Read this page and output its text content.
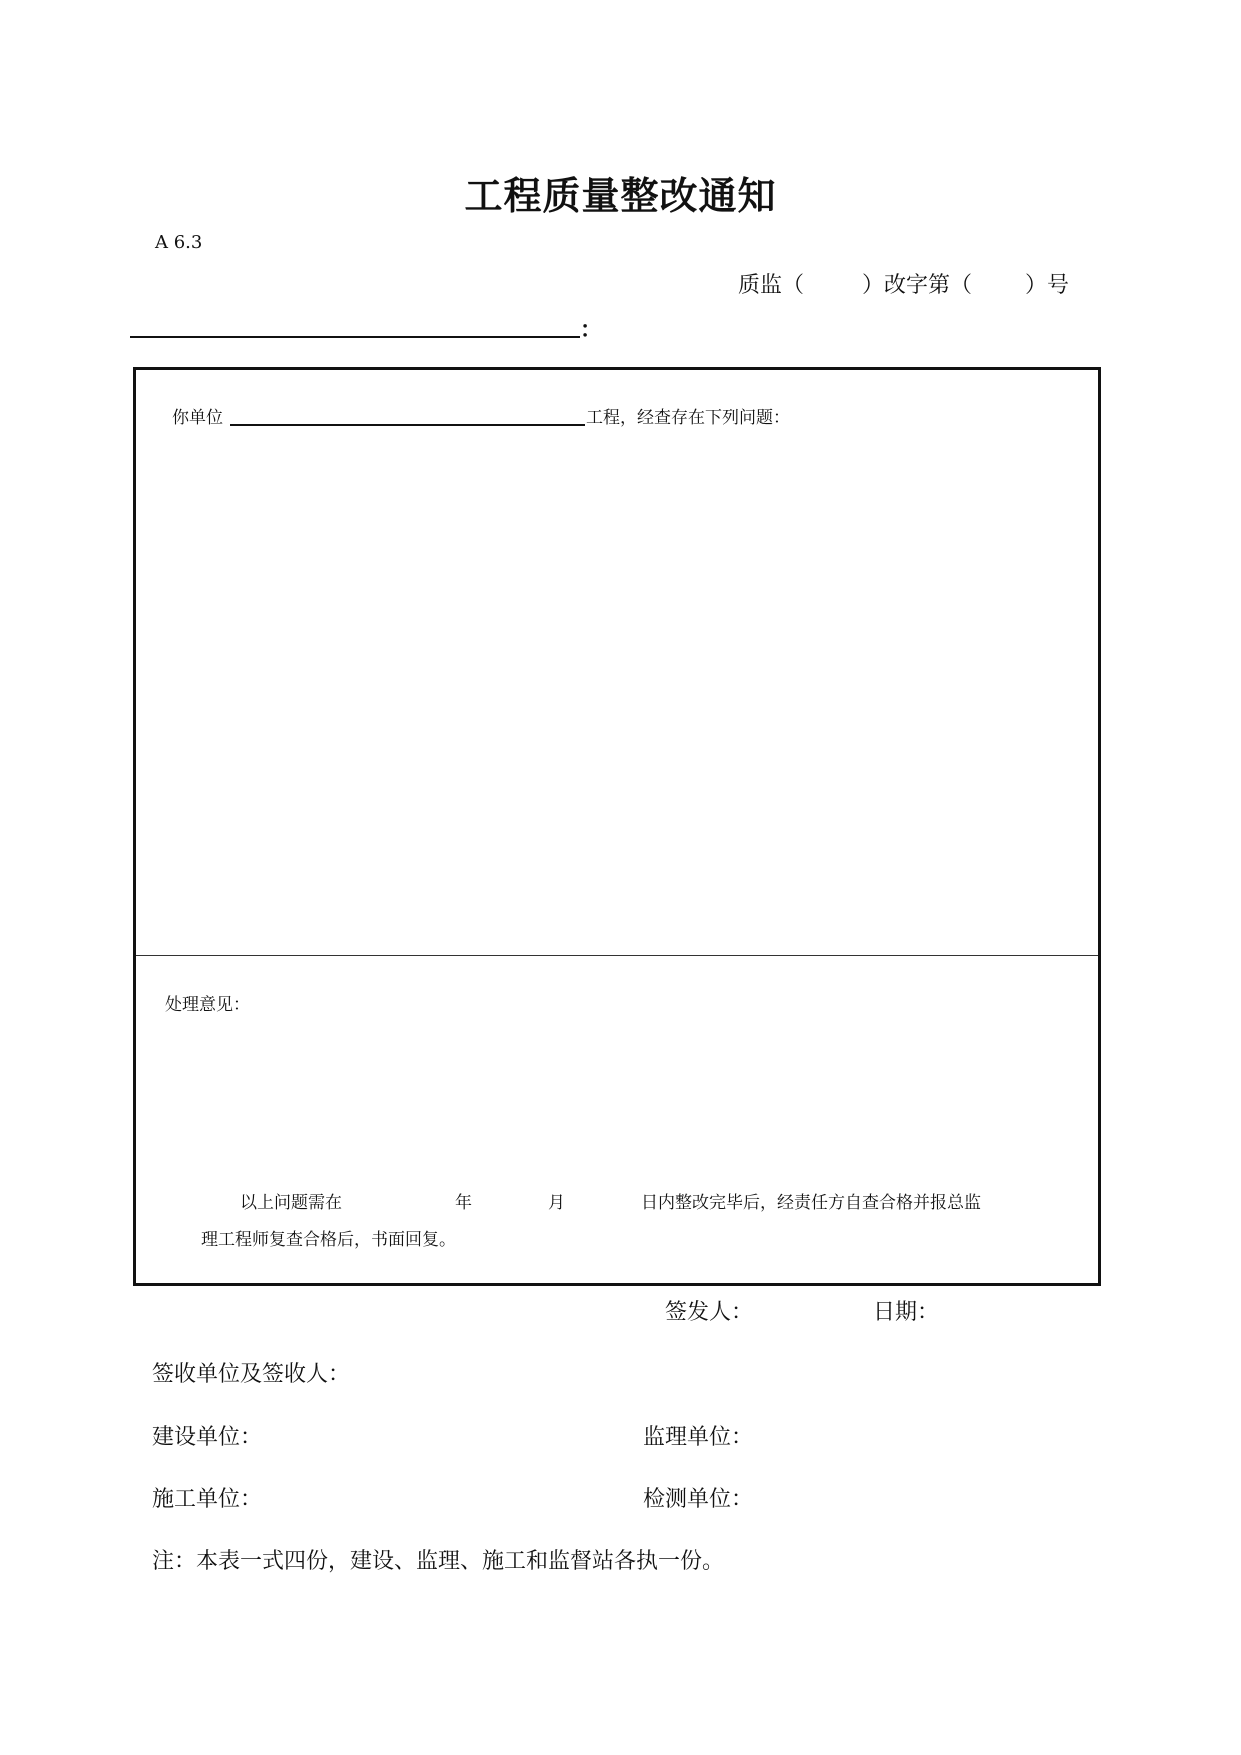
工程质量整改通知
A 6.3
质监（	）改字第（ ）号
：
你单位	工程，经查存在下列问题：
处理意见：
以上问题需在	年	月	日内整改完毕后，经责任方自查合格并报总监
理工程师复查合格后，书面回复。
签发人：	日期：
签收单位及签收人：
建设单位：	监理单位：
施工单位：	检测单位：
注：本表一式四份，建设、监理、施工和监督站各执一份。
